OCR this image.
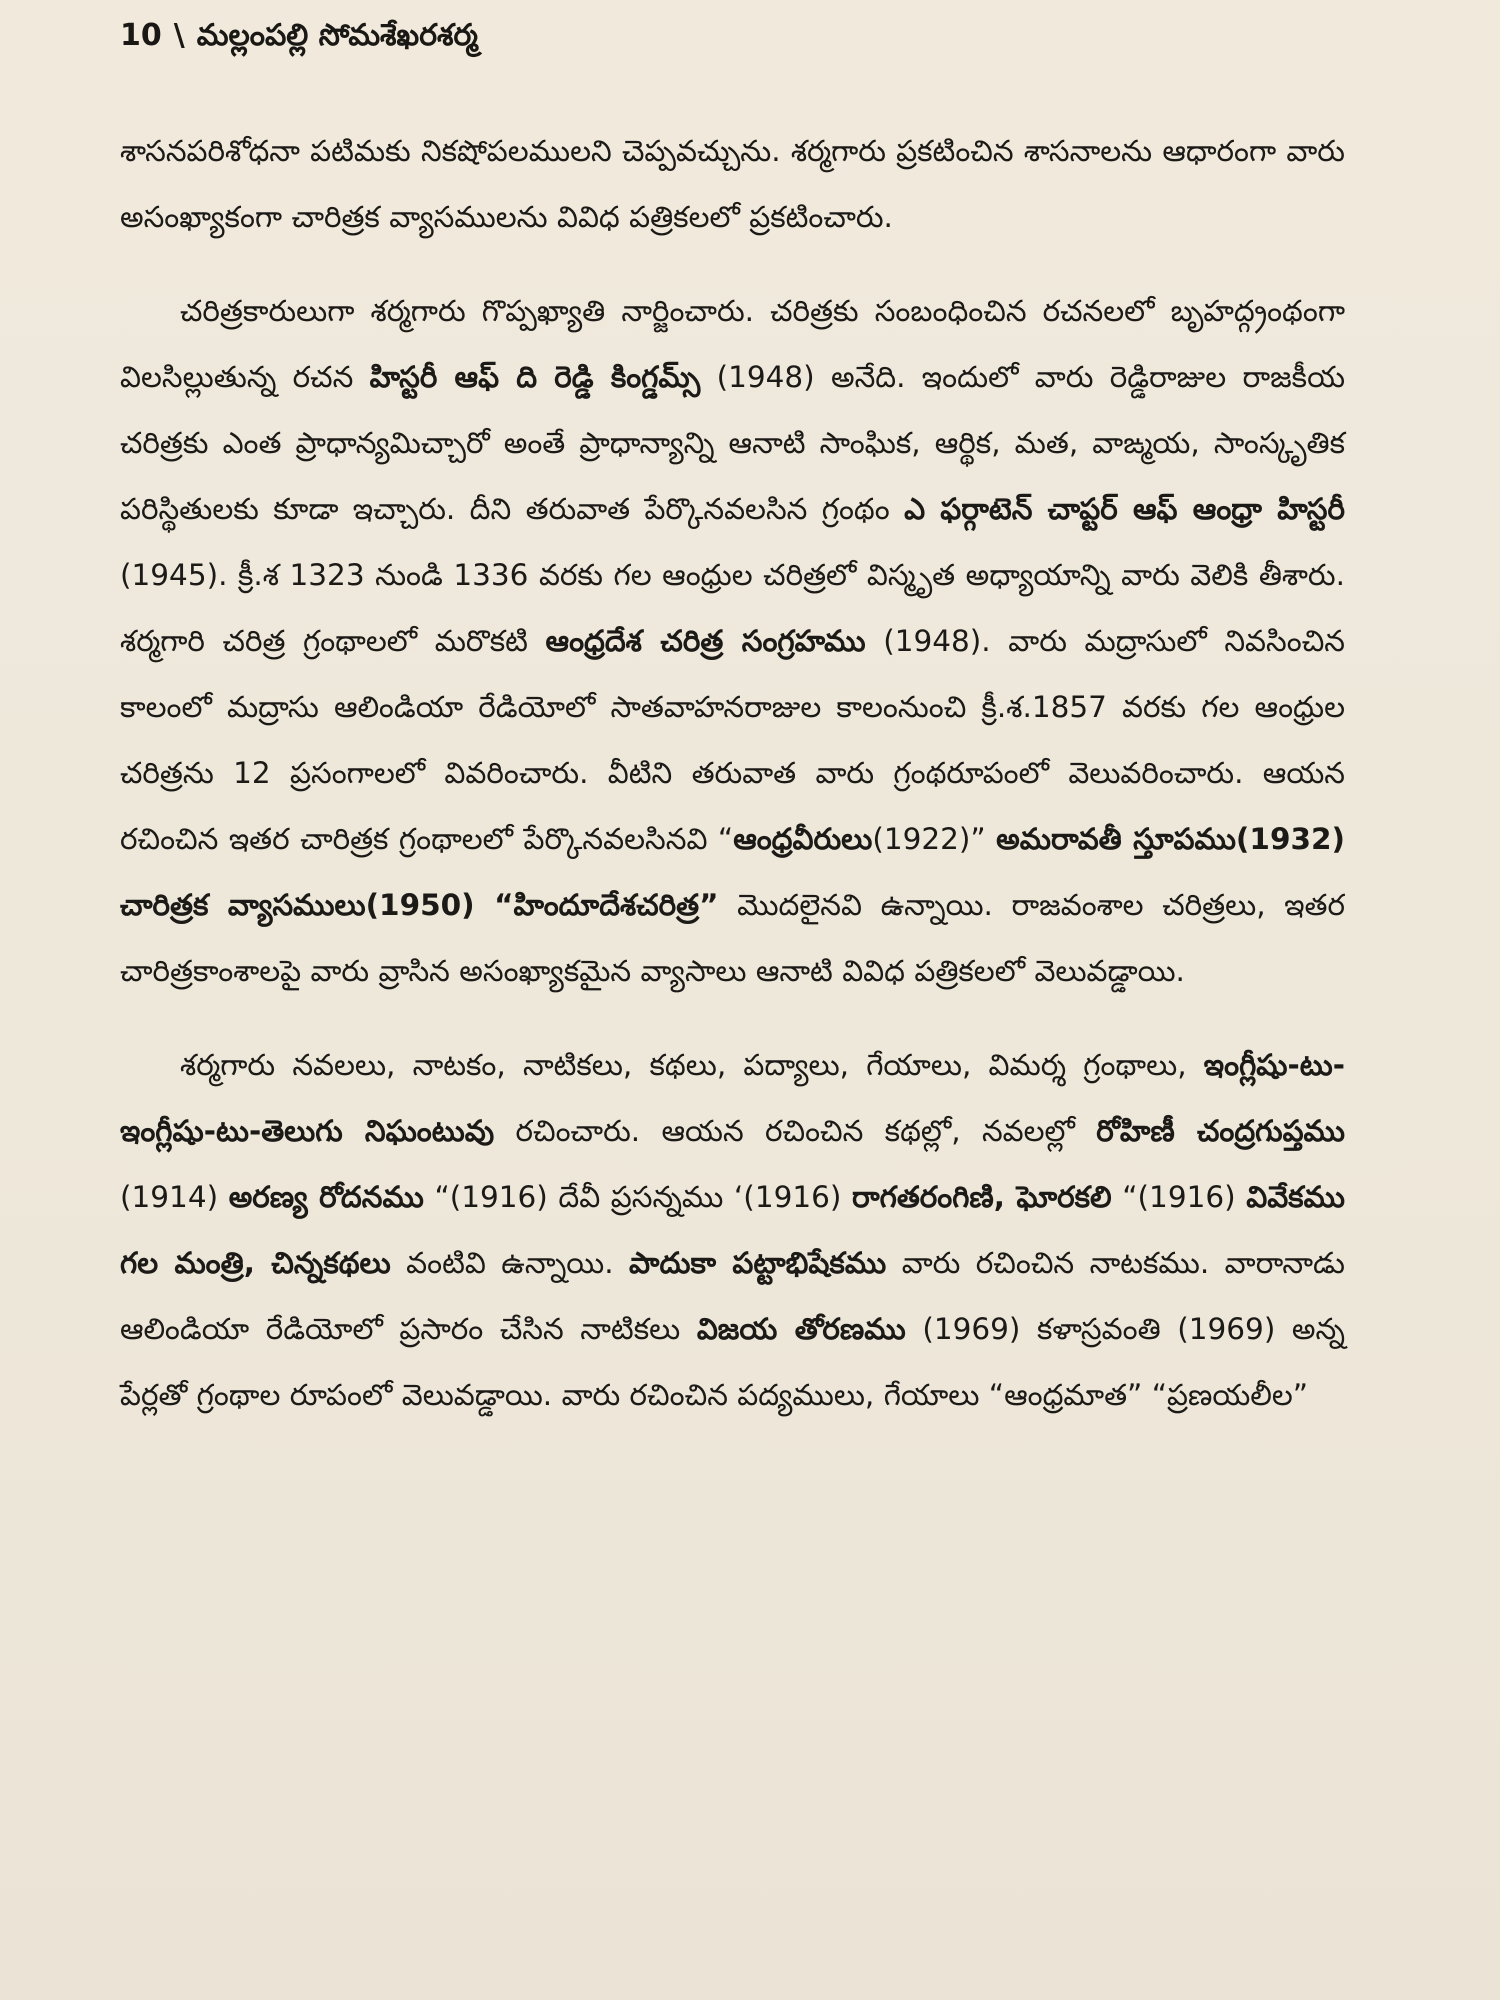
10 \ మల్లంపల్లి సోమశేఖరశర్మ

శాసనపరిశోధనా పటిమకు నికషోపలములని చెప్పవచ్చును. శర్మగారు ప్రకటించిన శాసనాలను ఆధారంగా వారు అసంఖ్యాకంగా చారిత్రక వ్యాసములను వివిధ పత్రికలలో ప్రకటించారు.

చరిత్రకారులుగా శర్మగారు గొప్పఖ్యాతి నార్జించారు. చరిత్రకు సంబంధించిన రచనలలో బృహద్గ్రంథంగా విలసిల్లుతున్న రచన హిస్టరీ ఆఫ్ ది రెడ్డి కింగ్డమ్స్ (1948) అనేది. ఇందులో వారు రెడ్డిరాజుల రాజకీయ చరిత్రకు ఎంత ప్రాధాన్యమిచ్చారో అంతే ప్రాధాన్యాన్ని ఆనాటి సాంఘిక, ఆర్థిక, మత, వాఙ్మయ, సాంస్కృతిక పరిస్థితులకు కూడా ఇచ్చారు. దీని తరువాత పేర్కొనవలసిన గ్రంథం ఎ ఫర్గాటెన్ చాప్టర్ ఆఫ్ ఆంధ్రా హిస్టరీ (1945). క్రీ.శ 1323 నుండి 1336 వరకు గల ఆంధ్రుల చరిత్రలో విస్మృత అధ్యాయాన్ని వారు వెలికి తీశారు. శర్మగారి చరిత్ర గ్రంథాలలో మరొకటి ఆంధ్రదేశ చరిత్ర సంగ్రహము (1948). వారు మద్రాసులో నివసించిన కాలంలో మద్రాసు ఆలిండియా రేడియోలో సాతవాహనరాజుల కాలంనుంచి క్రీ.శ.1857 వరకు గల ఆంధ్రుల చరిత్రను 12 ప్రసంగాలలో వివరించారు. వీటిని తరువాత వారు గ్రంథరూపంలో వెలువరించారు. ఆయన రచించిన ఇతర చారిత్రక గ్రంథాలలో పేర్కొనవలసినవి “ఆంధ్రవీరులు(1922)” అమరావతీ స్తూపము(1932) చారిత్రక వ్యాసములు(1950) “హిందూదేశచరిత్ర” మొదలైనవి ఉన్నాయి. రాజవంశాల చరిత్రలు, ఇతర చారిత్రకాంశాలపై వారు వ్రాసిన అసంఖ్యాకమైన వ్యాసాలు ఆనాటి వివిధ పత్రికలలో వెలువడ్డాయి.

శర్మగారు నవలలు, నాటకం, నాటికలు, కథలు, పద్యాలు, గేయాలు, విమర్శ గ్రంథాలు, ఇంగ్లీషు-టు- ఇంగ్లీషు-టు-తెలుగు నిఘంటువు రచించారు. ఆయన రచించిన కథల్లో, నవలల్లో రోహిణీ చంద్రగుప్తము (1914) అరణ్య రోదనము “(1916) దేవీ ప్రసన్నము ‘(1916) రాగతరంగిణి, ఘోరకలి “(1916) వివేకము గల మంత్రి, చిన్నకథలు వంటివి ఉన్నాయి. పాదుకా పట్టాభిషేకము వారు రచించిన నాటకము. వారానాడు ఆలిండియా రేడియోలో ప్రసారం చేసిన నాటికలు విజయ తోరణము (1969) కళాస్రవంతి (1969) అన్న పేర్లతో గ్రంథాల రూపంలో వెలువడ్డాయి. వారు రచించిన పద్యములు, గేయాలు “ఆంధ్రమాత” “ప్రణయలీల”
